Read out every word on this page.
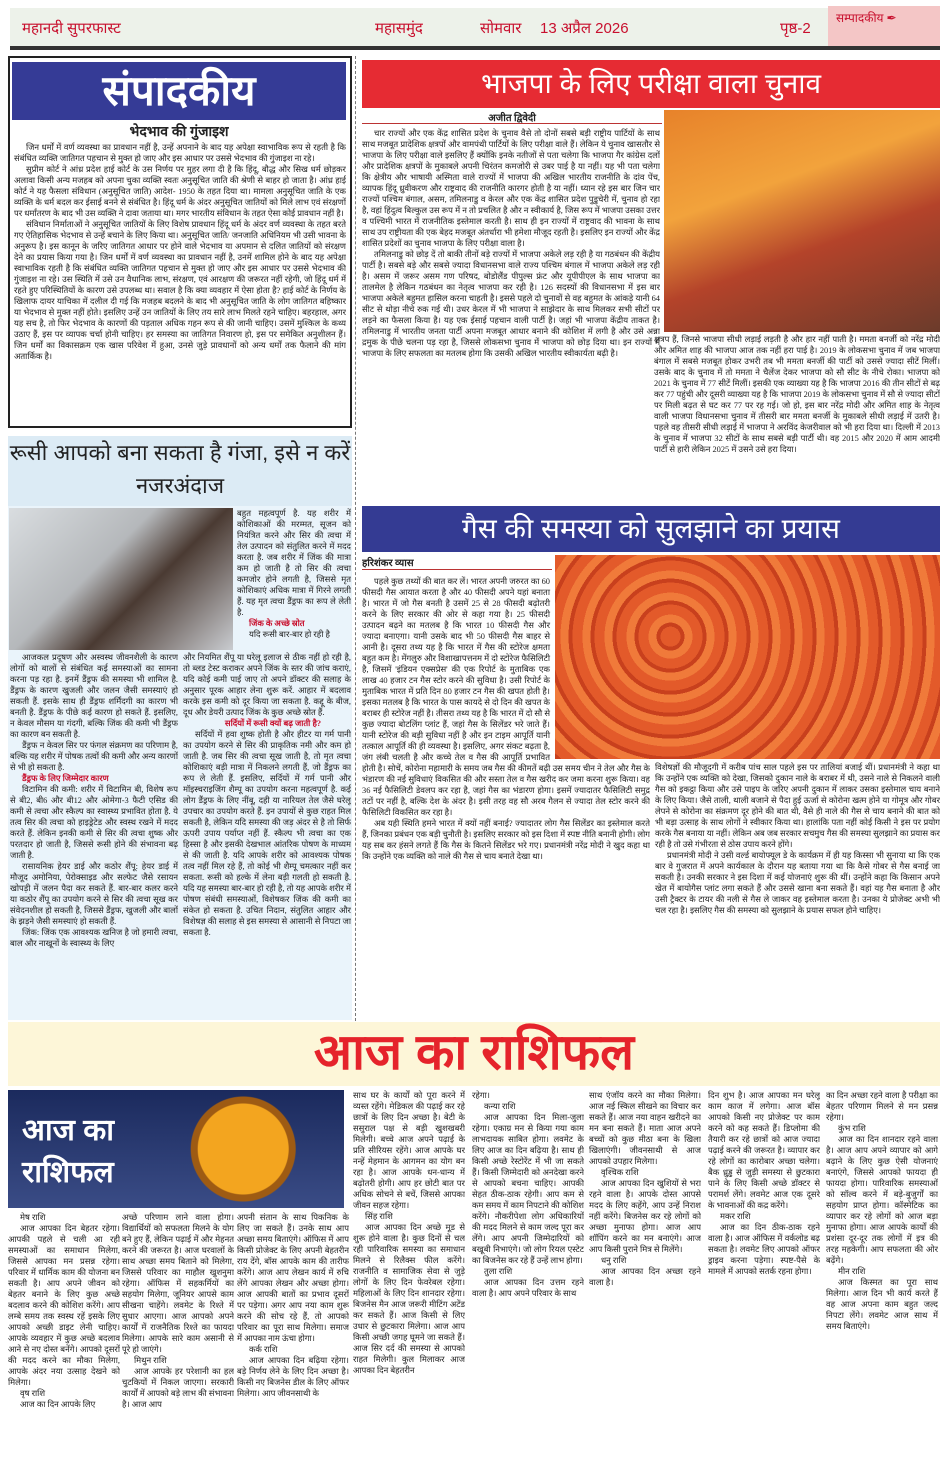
महानदी सुपरफास्ट	महासमुंद	सोमवार 13 अप्रैल 2026	पृष्ठ-2
सम्पादकीय ✒
संपादकीय
भेदभाव की गुंजाइश

जिन धर्मों में वर्ण व्यवस्था का प्रावधान नहीं है, उन्हें अपनाने के बाद यह अपेक्षा स्वाभाविक रूप से रहती है कि संबंधित व्यक्ति जातिगत पहचान से मुक्त हो जाए और इस आधार पर उससे भेदभाव की गुंजाइश ना रहे।

सुप्रीम कोर्ट ने आंध्र प्रदेश हाई कोर्ट के उस निर्णय पर मुहर लगा दी है कि हिंदू, बौद्ध और सिख धर्म छोड़कर अलावा किसी अन्य मजहब को अपना चुका व्यक्ति स्वतः अनुसूचित जाति की श्रेणी से बाहर हो जाता है। आंध्र हाई कोर्ट ने यह फैसला संविधान (अनुसूचित जाति) आदेश- 1950 के तहत दिया था। मामला अनुसूचित जाति के एक व्यक्ति के धर्म बदल कर ईसाई बनने से संबंधित है। हिंदू धर्म के अंदर अनुसूचित जातियों को मिले लाभ एवं संरक्षणों पर धर्मांतरण के बाद भी उस व्यक्ति ने दावा जताया था। मगर भारतीय संविधान के तहत ऐसा कोई प्रावधान नहीं है।

संविधान निर्माताओं ने अनुसूचित जातियों के लिए विशेष प्रावधान हिंदू धर्म के अंदर वर्ण व्यवस्था के तहत बरते गए ऐतिहासिक भेदभाव से उन्हें बचाने के लिए किया था। अनुसूचित जाति/ जनजाति अधिनियम भी उसी भावना के अनुरूप है। इस कानून के जरिए जातिगत आधार पर होने वाले भेदभाव या अपमान से दलित जातियों को संरक्षण देने का प्रयास किया गया है। जिन धर्मों में वर्ण व्यवस्था का प्रावधान नहीं है, उनमें शामिल होने के बाद यह अपेक्षा स्वाभाविक रहती है कि संबंधित व्यक्ति जातिगत पहचान से मुक्त हो जाए और इस आधार पर उससे भेदभाव की गुंजाइश ना रहे। उस स्थिति में उसे उन वैधानिक लाभ, संरक्षण, एवं आरक्षण की जरूरत नहीं रहेगी, जो हिंदू धर्म में रहते हुए परिस्थितियों के कारण उसे उपलब्ध था। सवाल है कि क्या व्यवहार में ऐसा होता है? हाई कोर्ट के निर्णय के खिलाफ दायर याचिका में दलील दी गई कि मजहब बदलने के बाद भी अनुसूचित जाति के लोग जातिगत बहिष्कार या भेदभाव से मुक्त नहीं होते। इसलिए उन्हें उन जातियों के लिए तय सारे लाभ मिलते रहने चाहिए। बहरहाल, अगर यह सच है, तो फिर भेदभाव के कारणों की पड़ताल अधिक गहन रूप से की जानी चाहिए। उसमें मुश्किल के कथ्य उठाए हैं, इस पर व्यापक चर्चा होनी चाहिए। हर समस्या का जातिगत निवारण हो, इस पर समेकित अनुशीलन हैं। जिन धर्मों का विकासक्रम एक खास परिवेश में हुआ, उनसे जुड़े प्रावधानों को अन्य धर्मों तक फैलाने की मांग अतार्किक है।

रूसी आपको बना सकता है गंजा, इसे न करें नजरअंदाज
बहुत महत्वपूर्ण है. यह शरीर में कोशिकाओं की मरम्मत, सूजन को नियंत्रित करने और सिर की त्वचा में तेल उत्पादन को संतुलित करने में मदद करता है. जब शरीर में जिंक की मात्रा कम हो जाती है तो सिर की त्वचा कमजोर होने लगती है, जिससे मृत कोशिकाएं अधिक मात्रा में गिरने लगती हैं. यह मृत त्वचा डैंड्रफ का रूप ले लेती है.
जिंक के अच्छे स्रोत

यदि रूसी बार-बार हो रही है

आजकल प्रदूषण और अस्वस्थ जीवनशैली के कारण लोगों को बालों से संबंधित कई समस्याओं का सामना करना पड़ रहा है. इनमें डैंड्रफ की समस्या भी शामिल है. डैंड्रफ के कारण खुजली और जलन जैसी समस्याएं हो सकती हैं. इसके साथ ही डैंड्रफ शर्मिंदगी का कारण भी बनती है. डैंड्रफ के पीछे कई कारण हो सकते हैं. इसलिए, न केवल मौसम या गंदगी, बल्कि जिंक की कमी भी डैंड्रफ का कारण बन सकती है.

डैंड्रफ न केवल सिर पर फंगल संक्रमण का परिणाम है, बल्कि यह शरीर में पोषक तत्वों की कमी और अन्य कारणों से भी हो सकता है.

डैंड्रफ के लिए जिम्मेदार कारण

विटामिन की कमी: शरीर में विटामिन बी, विशेष रूप से बी2, बी6 और बी12 और ओमेगा-3 फैटी एसिड की कमी से त्वचा और स्कैल्प का स्वास्थ्य प्रभावित होता है. ये तत्व सिर की त्वचा को हाइड्रेटेड और स्वस्थ रखने में मदद करते हैं. लेकिन इनकी कमी से सिर की त्वचा शुष्क और परतदार हो जाती है, जिससे रूसी होने की संभावना बढ़ जाती है.

रासायनिक हेयर डाई और कठोर शैंपू: हेयर डाई में मौजूद अमोनिया, पेरोक्साइड और सल्फेट जैसे रसायन खोपड़ी में जलन पैदा कर सकते हैं. बार-बार कलर करने या कठोर शैंपू का उपयोग करने से सिर की त्वचा सूख कर संवेदनशील हो सकती है, जिससे डैंड्रफ, खुजली और बालों के झड़ने जैसी समस्याएं हो सकती हैं.

जिंक: जिंक एक आवश्यक खनिज है जो हमारी त्वचा, बाल और नाखूनों के स्वास्थ्य के लिए

और नियमित शैंपू या घरेलू इलाज से ठीक नहीं हो रही है, तो ब्लड टेस्ट कराकर अपने जिंक के स्तर की जांच कराएं, यदि कोई कमी पाई जाए तो अपने डॉक्टर की सलाह के अनुसार पूरक आहार लेना शुरू करें. आहार में बदलाव करके इस कमी को दूर किया जा सकता है. कद्दू के बीज, दूध और डेयरी उत्पाद जिंक के कुछ अच्छे स्रोत हैं.
सर्दियों में रूसी क्यों बढ़ जाती है?

सर्दियों में हवा शुष्क होती है और हीटर या गर्म पानी का उपयोग करने से सिर की प्राकृतिक नमी और कम हो जाती है. जब सिर की त्वचा सूख जाती है, तो मृत त्वचा कोशिकाएं बड़ी मात्रा में निकलने लगती हैं, जो डैंड्रफ का रूप ले लेती हैं. इसलिए, सर्दियों में गर्म पानी और मॉइस्चराइजिंग शैम्पू का उपयोग करना महत्वपूर्ण है. कई लोग डैंड्रफ के लिए नींबू, दही या नारियल तेल जैसे घरेलू उपचार का उपयोग करते हैं. इन उपायों से कुछ राहत मिल सकती है, लेकिन यदि समस्या की जड़ अंदर से है तो सिर्फ ऊपरी उपाय पर्याप्त नहीं हैं. स्कैल्प भी त्वचा का एक हिस्सा है और इसकी देखभाल आंतरिक पोषण के माध्यम से की जाती है. यदि आपके शरीर को आवश्यक पोषक तत्व नहीं मिल रहे हैं, तो कोई भी शैम्पू चमत्कार नहीं कर सकता. रूसी को हल्के में लेना बड़ी गलती हो सकती है. यदि यह समस्या बार-बार हो रही है, तो यह आपके शरीर में पोषण संबंधी समस्याओं, विशेषकर जिंक की कमी का संकेत हो सकता है. उचित निदान, संतुलित आहार और विशेषज्ञ की सलाह से इस समस्या से आसानी से निपटा जा सकता है.

भाजपा के लिए परीक्षा वाला चुनाव
अजीत द्विवेदी

चार राज्यों और एक केंद्र शासित प्रदेश के चुनाव वैसे तो दोनों सबसे बड़ी राष्ट्रीय पार्टियों के साथ साथ मजबूत प्रादेशिक क्षत्रपों और वामपंथी पार्टियों के लिए परीक्षा वाले हैं। लेकिन ये चुनाव खासतौर से भाजपा के लिए परीक्षा वाले इसलिए हैं क्योंकि इनके नतीजों से पता चलेगा कि भाजपा गैर कांग्रेस दलों और प्रादेशिक क्षत्रपों के मुकाबले अपनी चिरंतन कमजोरी से उबर पाई है या नहीं। यह भी पता चलेगा कि क्षेत्रीय और भाषायी अस्मिता वाले राज्यों में भाजपा की अखिल भारतीय राजनीति के दांव पेंच, व्यापक हिंदू ध्रुवीकरण और राष्ट्रवाद की राजनीति कारगर होती है या नहीं। ध्यान रहे इस बार जिन चार राज्यों पश्चिम बंगाल, असम, तमिलनाडु व केरल और एक केंद्र शासित प्रदेश पुडुचेरी में, चुनाव हो रहा है, वहां हिंदुत्व बिल्कुल उस रूप में न तो प्रचलित है और न स्वीकार्य है, जिस रूप में भाजपा उसका उत्तर व पश्चिमी भारत में राजनीतिक इस्तेमाल करती है। साथ ही इन राज्यों में राष्ट्रवाद की भावना के साथ साथ उप राष्ट्रीयता की एक बेहद मजबूत अंतर्धारा भी हमेशा मौजूद रहती है। इसलिए इन राज्यों और केंद्र शासित प्रदेशों का चुनाव भाजपा के लिए परीक्षा वाला है।

तमिलनाडु को छोड़ दें तो बाकी तीनों बड़े राज्यों में भाजपा अकेले लड़ रही है या गठबंधन की केंद्रीय पार्टी है। सबसे बड़े और सबसे ज्यादा विधानसभा वाले राज्य पश्चिम बंगाल में भाजपा अकेले लड़ रही है। असम में जरूर असम गण परिषद, बोडोलैंड पीपुल्स फ्रंट और यूपीपीएल के साथ भाजपा का तालमेल है लेकिन गठबंधन का नेतृत्व भाजपा कर रही है। 126 सदस्यों की विधानसभा में इस बार भाजपा अकेले बहुमत हासिल करना चाहती है। इससे पहले दो चुनावों से वह बहुमत के आंकड़े यानी 64 सीट से थोड़ा नीचे रुक गई थी। उधर केरल में भी भाजपा ने साझेदार के साथ मिलकर सभी सीटों पर लड़ने का फैसला किया है। यह एक ईसाई पहचान वाली पार्टी है। जहां भी भाजपा केंद्रीय ताकत है। तमिलनाडु में भारतीय जनता पार्टी अपना मजबूत आधार बनाने की कोशिश में लगी है और उसे अन्ना द्रमुक के पीछे चलना पड़ रहा है, जिससे लोकसभा चुनाव में भाजपा को छोड़ दिया था। इन राज्यों में भाजपा के लिए सफलता का मतलब होगा कि उसकी अखिल भारतीय स्वीकार्यता बढ़ी है।

क्षत्रप हैं, जिनसे भाजपा सीधी लड़ाई लड़ती है और हार नहीं पाती है। ममता बनर्जी को नरेंद्र मोदी और अमित शाह की भाजपा आज तक नहीं हरा पाई है। 2019 के लोकसभा चुनाव में जब भाजपा बंगाल में सबसे मजबूत होकर उभरी तब भी ममता बनर्जी की पार्टी को उससे ज्यादा सीटें मिलीं। उसके बाद के चुनाव में तो ममता ने चैलेंज देकर भाजपा को सौ सीट के नीचे रोका। भाजपा को 2021 के चुनाव में 77 सीटें मिलीं। इसकी एक व्याख्या यह है कि भाजपा 2016 की तीन सीटों से बढ़ कर 77 पहुंची और दूसरी व्याख्या यह है कि भाजपा 2019 के लोकसभा चुनाव में सौ से ज्यादा सीटों पर मिली बढ़त से घट कर 77 पर रह गई। जो हो, इस बार नरेंद्र मोदी और अमित शाह के नेतृत्व वाली भाजपा विधानसभा चुनाव में तीसरी बार ममता बनर्जी के मुकाबले सीधी लड़ाई में उतरी है। पहले वह तीसरी सीधी लड़ाई में भाजपा ने अरविंद केजरीवाल को भी हरा दिया था। दिल्ली में 2013 के चुनाव में भाजपा 32 सीटों के साथ सबसे बड़ी पार्टी थी। वह 2015 और 2020 में आम आदमी पार्टी से हारी लेकिन 2025 में उसने उसे हरा दिया।
गैस की समस्या को सुलझाने का प्रयास
हरिशंकर व्यास

पहले कुछ तथ्यों की बात कर लें। भारत अपनी जरुरत का 60 फीसदी गैस आयात करता है और 40 फीसदी अपने यहां बनाता है। भारत में जो गैस बनती है उसमें 25 से 28 फीसदी बढ़ोतरी करने के लिए सरकार की ओर से कहा गया है। 25 फीसदी उत्पादन बढ़ने का मतलब है कि भारत 10 फीसदी गैस और ज्यादा बनाएगा। यानी उसके बाद भी 50 फीसदी गैस बाहर से आनी है। दूसरा तथ्य यह है कि भारत में गैस की स्टोरेज क्षमता बहुत कम है। मेंगलुरु और विशाखापत्तनम में दो स्टोरेज फैसिलिटी है, जिसमें 'इंडियन एक्सप्रेस' की एक रिपोर्ट के मुताबिक एक लाख 40 हजार टन गैस स्टोर करने की सुविधा है। उसी रिपोर्ट के मुताबिक भारत में प्रति दिन 80 हजार टन गैस की खपत होती है। इसका मतलब है कि भारत के पास कायदे से दो दिन की खपत के बराबर ही स्टोरेज नहीं है। तीसरा तथ्य यह है कि भारत में दो सौ से कुछ ज्यादा बोटलिंग प्लांट हैं, जहां गैस के सिलेंडर भरे जाते हैं। यानी स्टोरेज की बड़ी सुविधा नहीं है और इन टाइम आपूर्ति यानी तत्काल आपूर्ति की ही व्यवस्था है। इसलिए, अगर संकट बढ़ता है, जंग लंबी चलती है और कच्चे तेल व गैस की आपूर्ति प्रभावित होती है। सोचें, कोरोना महामारी के समय जब गैस की कीमतें बढ़ी उस समय चीन ने तेल और गैस के भंडारण की नई सुविधाएं विकसित की और सस्ता तेल व गैस खरीद कर जमा करना शुरू किया। वह 36 नई फैसिलिटी डेवलप कर रहा है, जहां गैस का भंडारण होगा। इसमें ज्यादातर फैसिलिटी समुद्र तटों पर नहीं है, बल्कि देश के अंदर है। इसी तरह वह सौ अरब गैलन से ज्यादा तेल स्टोर करने की फैसिलिटी विकसित कर रहा है।

अब यही स्थिति हमने भारत में क्यों नहीं बनाई? ज्यादातर लोग गैस सिलेंडर का इस्तेमाल करते हैं, जिनका प्रबंधन एक बड़ी चुनौती है। इसलिए सरकार को इस दिशा में स्पष्ट नीति बनानी होगी। लोग यह सब कर हंसने लगते हैं कि गैस के कितने सिलेंडर भरे गए। प्रधानमंत्री नरेंद्र मोदी ने खुद कहा था कि उन्होंने एक व्यक्ति को नाले की गैस से चाय बनाते देखा था।

विशेषज्ञों की मौजूदगी में करीब पांच साल पहले इस पर तालियां बजाई थीं। प्रधानमंत्री ने कहा था कि उन्होंने एक व्यक्ति को देखा, जिसको दुकान नाले के बराबर में थी, उसने नाले से निकलने वाली गैस को इकट्ठा किया और उसे पाइप के जरिए अपनी दुकान में लाकर उसका इस्तेमाल चाय बनाने के लिए किया। जैसे ताली, थाली बजाने से पैदा हुई ऊर्जा से कोरोना खत्म होने या गोमूत्र और गोबर लेपने से कोरोना का संक्रमण दूर होने की बात थी, वैसे ही नाले की गैस से चाय बनाने की बात को भी बड़ा उत्साह के साथ लोगों ने स्वीकार किया था। हालांकि पता नहीं कोई किसी ने इस पर प्रयोग करके गैस बनाया या नहीं। लेकिन अब जब सरकार सचमुच गैस की समस्या सुलझाने का प्रयास कर रही है तो उसे गंभीरता से ठोस उपाय करने होंगे।

प्रधानमंत्री मोदी ने उसी वर्ल्ड बायोफ्यूल डे के कार्यक्रम में ही यह किस्सा भी सुनाया था कि एक बार वे गुजरात में अपने कार्यकाल के दौरान यह बताया गया था कि कैसे गोबर से गैस बनाई जा सकती है। उनकी सरकार ने इस दिशा में कई योजनाएं शुरू की थीं। उन्होंने कहा कि किसान अपने खेत में बायोगैस प्लांट लगा सकते हैं और उससे खाना बना सकते हैं। वहां यह गैस बनाता है और उसी ट्रैक्टर के टायर की नली से गैस ले जाकर वह इस्तेमाल करता है। उनका ये प्रोजेक्ट अभी भी चल रहा है। इसलिए गैस की समस्या को सुलझाने के प्रयास सफल होने चाहिए।

आज का राशिफल
आज का
राशिफल

मेष राशि

आज आपका दिन बेहतर रहेगा। आपकी पहले से चली आ रही समस्याओं का समाधान मिलेगा, जिससे आपका मन प्रसन्न रहेगा। परिवार में धार्मिक काम की योजना बन सकती है। आप अपने जीवन को बेहतर बनाने के लिए कुछ अच्छे बदलाव करने की कोशिश करेंगे। आप लम्बे समय तक स्वस्थ रहें इसके लिए आपको अच्छी डाइट लेनी चाहिए। आपके व्यवहार में कुछ अच्छे बदलाव आने से नए दोस्त बनेंगे। आपको दूसरों की मदद करने का मौका मिलेगा, आपके अंदर नया उत्साह देखने को मिलेगा।

वृष राशि

आज का दिन आपके लिए

अच्छे परिणाम लाने वाला होगा। विद्यार्थियों को सफलता मिलने के योग बने हुए हैं, लेकिन पढ़ाई में और मेहनत करने की जरूरत है। आज घरवालों के साथ अच्छा समय बिताने को मिलेगा, जिससे परिवार का माहौल खुशनुमा रहेगा। ऑफिस में सहकर्मियों का सहयोग मिलेगा, जूनियर आपसे काम सीखना चाहेंगे। लवमेट के रिश्ते में सुधार आएगा। आज आपको अपने कार्यों में राजनैतिक रिश्ते का फायदा मिलेगा। आपके सारे काम असानी से पूरे हो जाएंगे।

मिथुन राशि

आज आपके हर परेशानी का हल चुटकियों में निकल जाएगा। सरकारी कार्यों में आपको बड़े लाभ की संभावना है। आज आप

अपनी संतान के साथ पिकनिक के लिए जा सकते हैं। उनके साथ आप अच्छा समय बिताएंगे। ऑफिस में आप किसी प्रोजेक्ट के लिए अपनी बेहतरीन राय देंगे, बॉस आपके काम की तारीफ करेंगे। आज आप लेखन कार्य में रुचि लेंगे आपका लेखन और अच्छा होगा। आज आपकी बातों का प्रभाव दूसरों पर पड़ेगा। अगर आप नया काम शुरू करने की सोच रहे हैं, तो आपको परिवार का पूरा साथ मिलेगा। समाज में आपका नाम ऊंचा होगा।

कर्क राशि

आज आपका दिन बढ़िया रहेगा। बड़े निर्णय लेने के लिए दिन अच्छा है। किसी नए बिजनेस डील के लिए ऑफर मिलेगा। आप जीवनसाथी के

साथ घर के कार्यों को पूरा करने में व्यस्त रहेंगे। मेडिकल की पढ़ाई कर रहे छात्रों के लिए दिन अच्छा है। बेटी के ससुराल पक्ष से बड़ी खुशखबरी मिलेगी। बच्चे आज अपने पढ़ाई के प्रति सीरियस रहेंगे। आज आपके घर नन्हें मेहमान के आगमन का योग बन रहा है। आज आपके धन-धान्य में बढ़ोतरी होगी। आप हर छोटी बात पर अधिक सोचने से बचें, जिससे आपका जीवन सहज रहेगा।

सिंह राशि

आज आपका दिन अच्छे मूड से शुरू होने वाला है। कुछ दिनों से चल रही पारिवारिक समस्या का समाधान मिलने से रिलैक्स फील करेंगे। राजनीति व सामाजिक सेवा से जुड़े लोगों के लिए दिन फेवरेबल रहेगा। महिलाओं के लिए दिन शानदार रहेगा। बिजनेस मैन आज जरूरी मीटिंग अटेंड कर सकते हैं। आज किसी से लिए उधार से छुटकारा मिलेगा। आज आप किसी अच्छी जगह घूमने जा सकते हैं। आज सिर दर्द की समस्या से आपको राहत मिलेगी। कुल मिलाकर आज आपका दिन बेहतरीन

रहेगा।

कन्या राशि

आज आपका दिन मिला-जुला रहेगा। एकाग्र मन से किया गया काम लाभदायक साबित होगा। लवमेट के लिए आज का दिन बढ़िया है। साथ ही किसी अच्छे रेस्टोरेंट में भी जा सकते हैं। किसी जिम्मेदारी को अनदेखा करने से आपको बचना चाहिए। आपकी सेहत ठीक-ठाक रहेगी। आप कम से कम समय में काम निपटाने की कोशिश करेंगे। नौकरीपेशा लोग अधिकारियों की मदद मिलने से काम जल्द पूरा कर लेंगे। आप अपनी जिम्मेदारियों को बखूबी निभाएंगे। जो लोग रियल एस्टेट का बिजनेस कर रहे हैं उन्हें लाभ होगा।

तुला राशि

आज आपका दिन उत्तम रहने वाला है। आप अपने परिवार के साथ

साथ एंजॉय करने का मौका मिलेगा। आज नई स्किल सीखने का विचार कर सकते हैं। आज नया वाहन खरीदने का मन बना सकते हैं। माता आज अपने बच्चों को कुछ मीठा बना के खिला खिलाएंगी। जीवनसाथी से आज आपको उपहार मिलेगा।

वृश्चिक राशि

आज आपका दिन खुशियों से भरा रहने वाला है। आपके दोस्त आपसे मदद के लिए कहेंगे, आप उन्हें निराश नहीं करेंगे। बिजनेस कर रहे लोगों को अच्छा मुनाफा होगा। आज आप शॉपिंग करने का मन बनाएंगे। आज आप किसी पुराने मित्र से मिलेंगे।

धनु राशि

आज आपका दिन अच्छा रहने वाला है।

दिन शुभ है। आज आपका मन घरेलू काम काज में लगेगा। आज बॉस आपको किसी नए प्रोजेक्ट पर काम करने को कह सकते हैं। डिप्लोमा की तैयारी कर रहे छात्रों को आज ज्यादा पढ़ाई करने की जरूरत है। व्यापार कर रहे लोगों का कारोबार अच्छा चलेगा। बैक ध्रुड्ढ से जुड़ी समस्या से छुटकारा पाने के लिए किसी अच्छे डॉक्टर से परामर्श लेंगे। लवमेट आज एक दूसरे के भावनाओं की कद्र करेंगे।

मकर राशि

आज का दिन ठीक-ठाक रहने वाला है। आज ऑफिस में वर्कलोड बढ़ सकता है। लवमेट लिए आपको ऑफर ड्राइव करना पड़ेगा। स्पष्ट-पैसे के मामले में आपको सतर्क रहना होगा।

का दिन अच्छा रहने वाला है परीक्षा का बेहतर परिणाम मिलने से मन प्रसन्न रहेगा।

कुंभ राशि

आज का दिन शानदार रहने वाला है। आज आप अपने व्यापार को आगे बढ़ाने के लिए कुछ ऐसी योजनाएं बनाएंगे, जिससे आपको फायदा ही फायदा होगा। पारिवारिक समस्याओं को सॉल्व करने में बड़े-बुजुर्गों का सहयोग प्राप्त होगा। कॉस्मेटिक का व्यापार कर रहे लोगों को आज बड़ा मुनाफा होगा। आज आपके कार्यों की प्रशंसा दूर-दूर तक लोगों में इत्र की तरह महकेगी। आप सफलता की ओर बढ़ेंगे।

मीन राशि

आज किस्मत का पूरा साथ मिलेगा। आज दिन भी कार्य करते हैं वह आज अपना काम बहुत जल्द निपटा लेंगे। लवमेट आज साथ में समय बिताएंगे।
